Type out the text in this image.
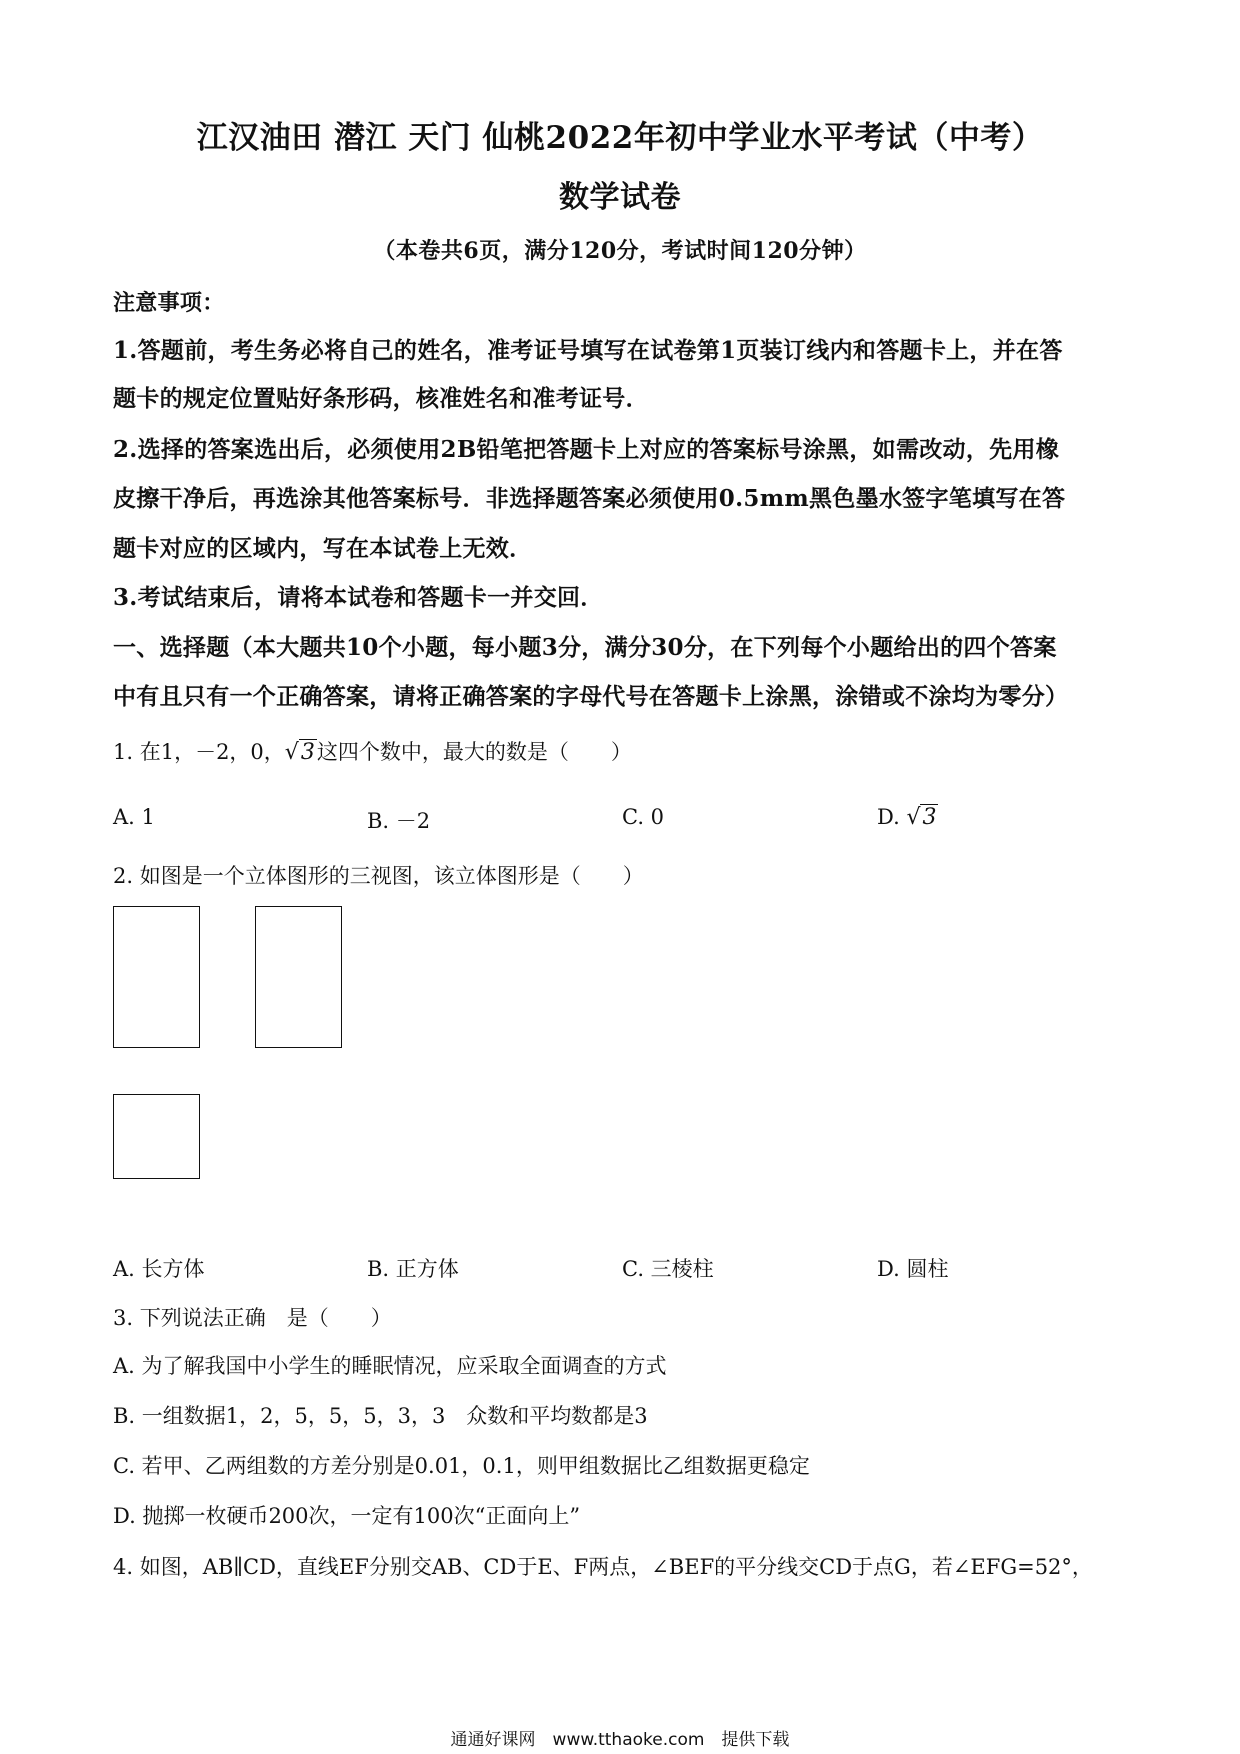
江汉油田 潜江 天门 仙桃2022年初中学业水平考试（中考）
数学试卷
（本卷共6页，满分120分，考试时间120分钟）
注意事项：
1.答题前，考生务必将自己的姓名，准考证号填写在试卷第1页装订线内和答题卡上，并在答
题卡的规定位置贴好条形码，核准姓名和准考证号．
2.选择的答案选出后，必须使用2B铅笔把答题卡上对应的答案标号涂黑，如需改动，先用橡
皮擦干净后，再选涂其他答案标号．非选择题答案必须使用0.5mm黑色墨水签字笔填写在答
题卡对应的区域内，写在本试卷上无效．
3.考试结束后，请将本试卷和答题卡一并交回．
一、选择题（本大题共10个小题，每小题3分，满分30分，在下列每个小题给出的四个答案
中有且只有一个正确答案，请将正确答案的字母代号在答题卡上涂黑，涂错或不涂均为零分）
1. 在1，－2，0，√3这四个数中，最大的数是（　　）
A. 1	B. －2	C. 0	D. √3
2. 如图是一个立体图形的三视图，该立体图形是（　　）
A. 长方体	B. 正方体	C. 三棱柱	D. 圆柱
3. 下列说法正确　是（　　）
A. 为了解我国中小学生的睡眠情况，应采取全面调查的方式
B. 一组数据1，2，5，5，5，3，3　众数和平均数都是3
C. 若甲、乙两组数的方差分别是0.01，0.1，则甲组数据比乙组数据更稳定
D. 抛掷一枚硬币200次，一定有100次“正面向上”
4. 如图，AB∥CD，直线EF分别交AB、CD于E、F两点，∠BEF的平分线交CD于点G，若∠EFG=52°，
通通好课网　www.tthaoke.com　提供下载
